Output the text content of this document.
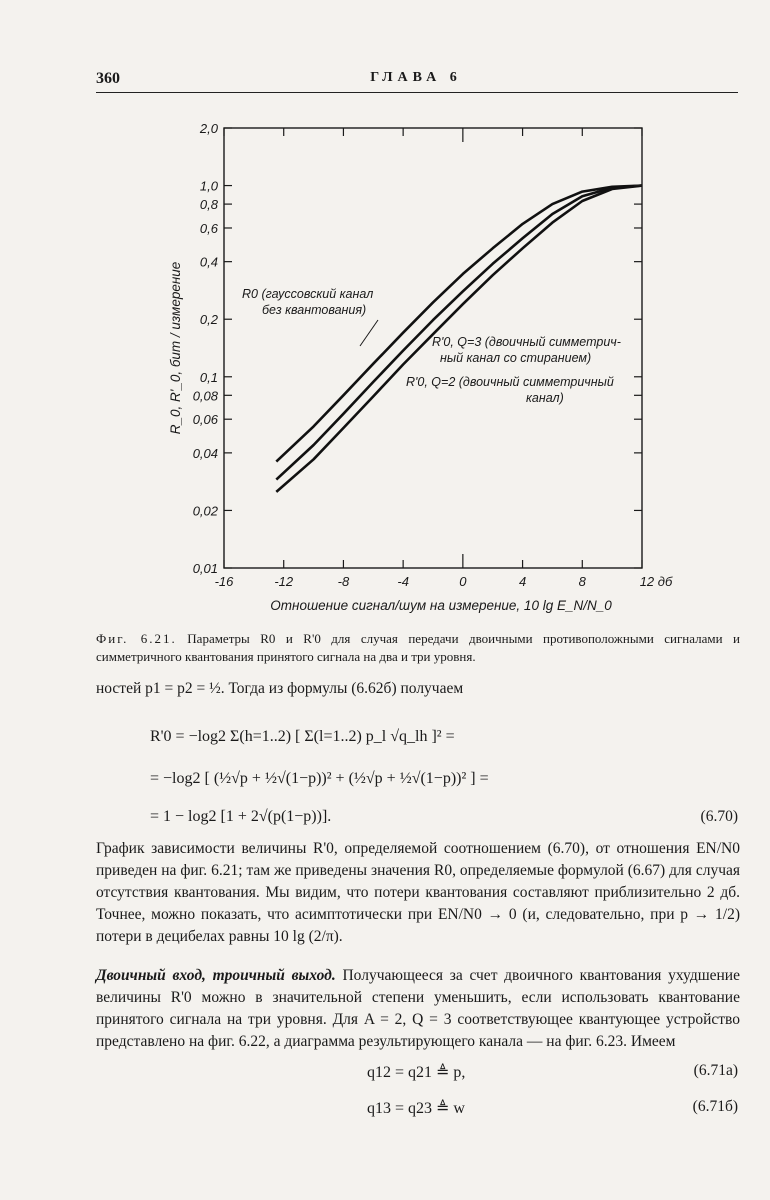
360	ГЛАВА 6
2,0
1,0
0,8
0,6
0,4
0,2
0,1
0,08
0,06
0,04
0,02
0,01
-16	-12	-8	-4	0	4	8	12 дб
R0 (гауссовский канал
без квантования)
R'0, Q=3 (двоичный симметрич-
ный канал со стиранием)
R'0, Q=2 (двоичный симметричный
канал)
Отношение сигнал/шум на измерение, 10 lg E_N/N_0
R_0, R'_0, бит / измерение
Фиг. 6.21. Параметры R0 и R'0 для случая передачи двоичными противоположными сигналами и симметричного квантования принятого сигнала на два и три уровня.
ностей p1 = p2 = ½. Тогда из формулы (6.62б) получаем
R'0 = −log2 Σ(h=1..2) [ Σ(l=1..2) p_l √q_lh ]² =
= −log2 [ (½√p + ½√(1−p))² + (½√p + ½√(1−p))² ] =
= 1 − log2 [1 + 2√(p(1−p))].	(6.70)
График зависимости величины R'0, определяемой соотношением (6.70), от отношения EN/N0 приведен на фиг. 6.21; там же приведены значения R0, определяемые формулой (6.67) для случая отсутствия квантования. Мы видим, что потери квантования составляют приблизительно 2 дб. Точнее, можно показать, что асимптотически при EN/N0 → 0 (и, следовательно, при p → 1/2) потери в децибелах равны 10 lg (2/π).
Двоичный вход, троичный выход. Получающееся за счет двоичного квантования ухудшение величины R'0 можно в значительной степени уменьшить, если использовать квантование принятого сигнала на три уровня. Для A = 2, Q = 3 соответствующее квантующее устройство представлено на фиг. 6.22, а диаграмма результирующего канала — на фиг. 6.23. Имеем
q12 = q21 ≜ p,	(6.71а)
q13 = q23 ≜ w	(6.71б)
